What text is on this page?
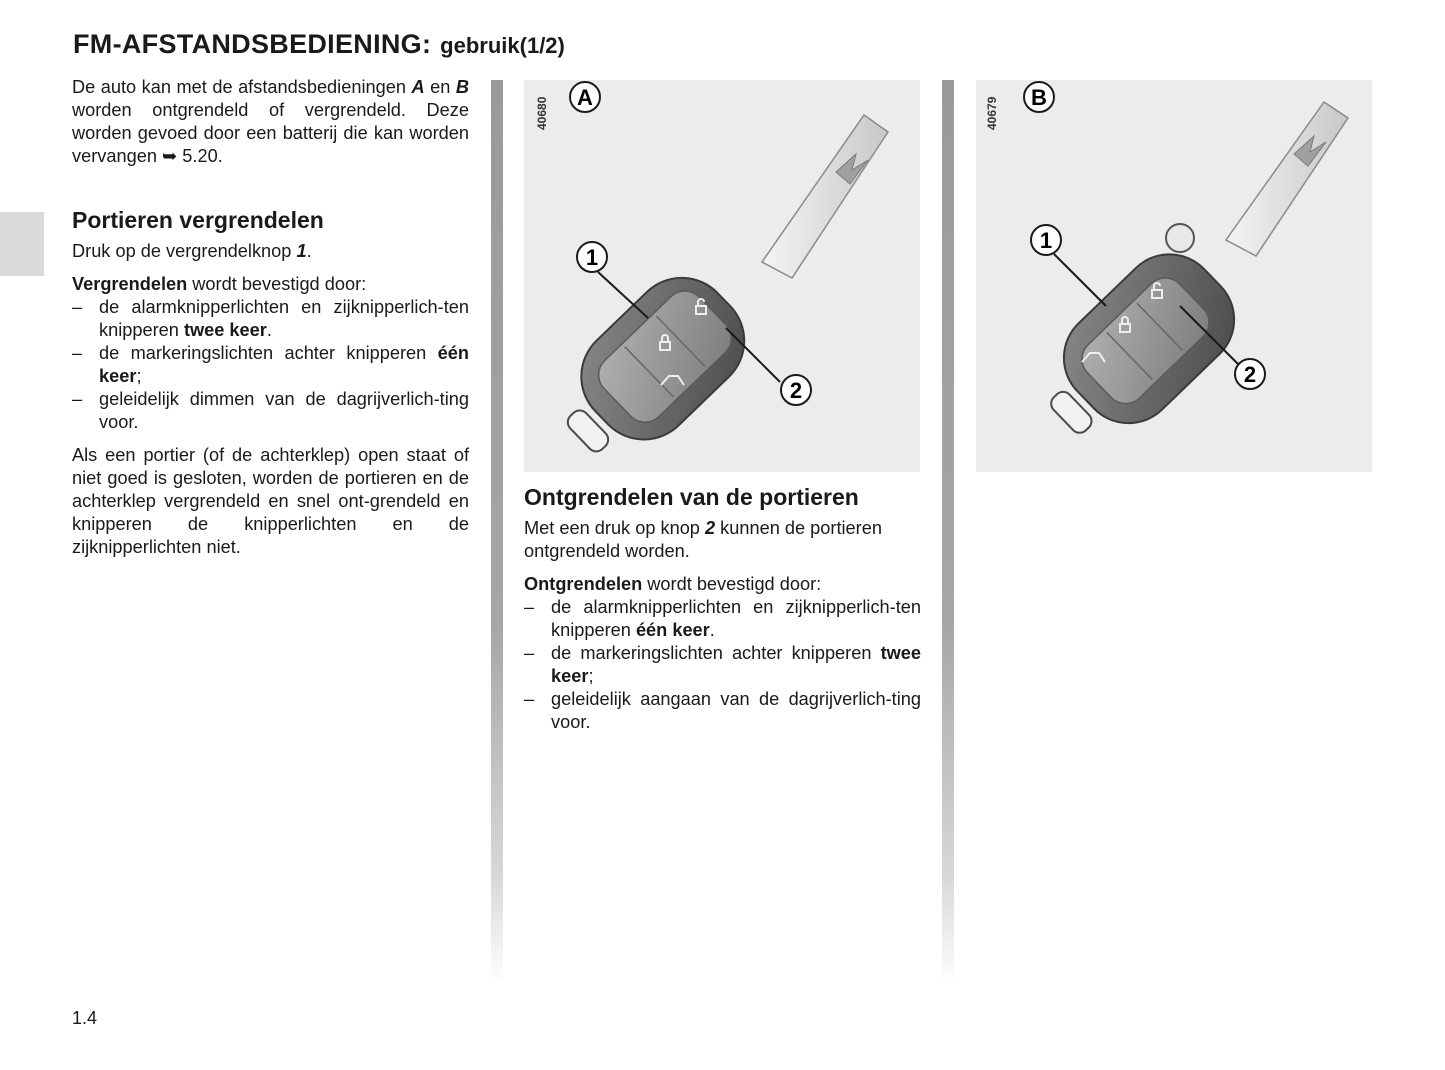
FM-AFSTANDSBEDIENING: gebruik(1/2)

De auto kan met de afstandsbedieningen A en B worden ontgrendeld of vergrendeld. Deze worden gevoed door een batterij die kan worden vervangen ➥ 5.20.

Portieren vergrendelen

Druk op de vergrendelknop 1.

Vergrendelen wordt bevestigd door:

– de alarmknipperlichten en zijknipperlich-ten knipperen twee keer.
– de markeringslichten achter knipperen één keer;
– geleidelijk dimmen van de dagrijverlich-ting voor.

Als een portier (of de achterklep) open staat of niet goed is gesloten, worden de portieren en de achterklep vergrendeld en snel ont-grendeld en knipperen de knipperlichten en de zijknipperlichten niet.

1
2
A
40680
1
2
B
40679
Ontgrendelen van de portieren

Met een druk op knop 2 kunnen de portieren ontgrendeld worden.

Ontgrendelen wordt bevestigd door:

– de alarmknipperlichten en zijknipperlich-ten knipperen één keer.
– de markeringslichten achter knipperen twee keer;
– geleidelijk aangaan van de dagrijverlich-ting voor.
1.4
